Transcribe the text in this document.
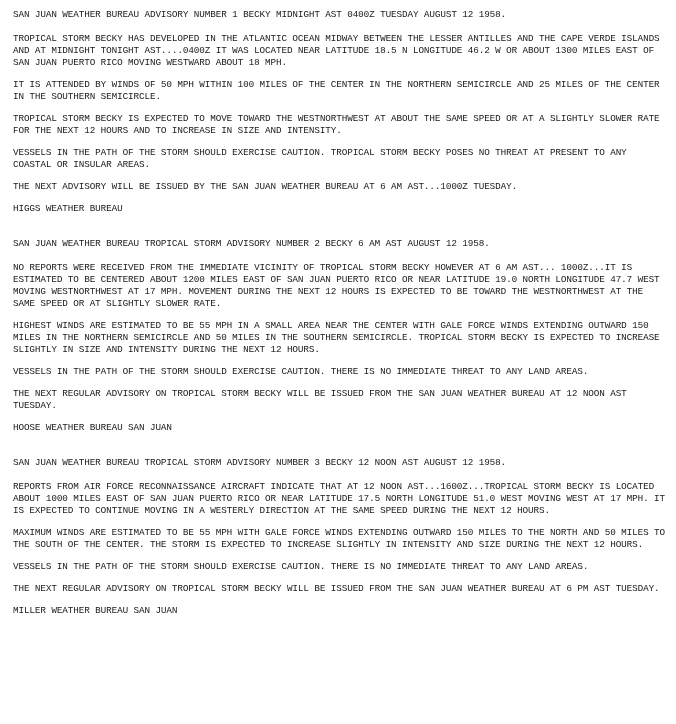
SAN JUAN WEATHER BUREAU ADVISORY NUMBER 1 BECKY MIDNIGHT AST 0400Z TUESDAY AUGUST 12 1958.

TROPICAL STORM BECKY HAS DEVELOPED IN THE ATLANTIC OCEAN MIDWAY BETWEEN THE LESSER ANTILLES AND THE CAPE VERDE ISLANDS AND AT MIDNIGHT TONIGHT AST....0400Z IT WAS LOCATED NEAR LATITUDE 18.5 N LONGITUDE 46.2 W OR ABOUT 1300 MILES EAST OF SAN JUAN PUERTO RICO MOVING WESTWARD ABOUT 18 MPH.

IT IS ATTENDED BY WINDS OF 50 MPH WITHIN 100 MILES OF THE CENTER IN THE NORTHERN SEMICIRCLE AND 25 MILES OF THE CENTER IN THE SOUTHERN SEMICIRCLE.

TROPICAL STORM BECKY IS EXPECTED TO MOVE TOWARD THE WESTNORTHWEST AT ABOUT THE SAME SPEED OR AT A SLIGHTLY SLOWER RATE FOR THE NEXT 12 HOURS AND TO INCREASE IN SIZE AND INTENSITY.

VESSELS IN THE PATH OF THE STORM SHOULD EXERCISE CAUTION. TROPICAL STORM BECKY POSES NO THREAT AT PRESENT TO ANY COASTAL OR INSULAR AREAS.

THE NEXT ADVISORY WILL BE ISSUED BY THE SAN JUAN WEATHER BUREAU AT 6 AM AST...1000Z TUESDAY.

HIGGS WEATHER BUREAU

SAN JUAN WEATHER BUREAU TROPICAL STORM ADVISORY NUMBER 2 BECKY 6 AM AST AUGUST 12 1958.

NO REPORTS WERE RECEIVED FROM THE IMMEDIATE VICINITY OF TROPICAL STORM BECKY HOWEVER AT 6 AM AST... 1000Z...IT IS ESTIMATED TO BE CENTERED ABOUT 1200 MILES EAST OF SAN JUAN PUERTO RICO OR NEAR LATITUDE 19.0 NORTH LONGITUDE 47.7 WEST MOVING WESTNORTHWEST AT 17 MPH. MOVEMENT DURING THE NEXT 12 HOURS IS EXPECTED TO BE TOWARD THE WESTNORTHWEST AT THE SAME SPEED OR AT SLIGHTLY SLOWER RATE.

HIGHEST WINDS ARE ESTIMATED TO BE 55 MPH IN A SMALL AREA NEAR THE CENTER WITH GALE FORCE WINDS EXTENDING OUTWARD 150 MILES IN THE NORTHERN SEMICIRCLE AND 50 MILES IN THE SOUTHERN SEMICIRCLE. TROPICAL STORM BECKY IS EXPECTED TO INCREASE SLIGHTLY IN SIZE AND INTENSITY DURING THE NEXT 12 HOURS.

VESSELS IN THE PATH OF THE STORM SHOULD EXERCISE CAUTION. THERE IS NO IMMEDIATE THREAT TO ANY LAND AREAS.

THE NEXT REGULAR ADVISORY ON TROPICAL STORM BECKY WILL BE ISSUED FROM THE SAN JUAN WEATHER BUREAU AT 12 NOON AST TUESDAY.

HOOSE WEATHER BUREAU SAN JUAN

SAN JUAN WEATHER BUREAU TROPICAL STORM ADVISORY NUMBER 3 BECKY 12 NOON AST AUGUST 12 1958.

REPORTS FROM AIR FORCE RECONNAISSANCE AIRCRAFT INDICATE THAT AT 12 NOON AST...1600Z...TROPICAL STORM BECKY IS LOCATED ABOUT 1000 MILES EAST OF SAN JUAN PUERTO RICO OR NEAR LATITUDE 17.5 NORTH LONGITUDE 51.0 WEST MOVING WEST AT 17 MPH. IT IS EXPECTED TO CONTINUE MOVING IN A WESTERLY DIRECTION AT THE SAME SPEED DURING THE NEXT 12 HOURS.

MAXIMUM WINDS ARE ESTIMATED TO BE 55 MPH WITH GALE FORCE WINDS EXTENDING OUTWARD 150 MILES TO THE NORTH AND 50 MILES TO THE SOUTH OF THE CENTER. THE STORM IS EXPECTED TO INCREASE SLIGHTLY IN INTENSITY AND SIZE DURING THE NEXT 12 HOURS.

VESSELS IN THE PATH OF THE STORM SHOULD EXERCISE CAUTION. THERE IS NO IMMEDIATE THREAT TO ANY LAND AREAS.

THE NEXT REGULAR ADVISORY ON TROPICAL STORM BECKY WILL BE ISSUED FROM THE SAN JUAN WEATHER BUREAU AT 6 PM AST TUESDAY.

MILLER WEATHER BUREAU SAN JUAN
